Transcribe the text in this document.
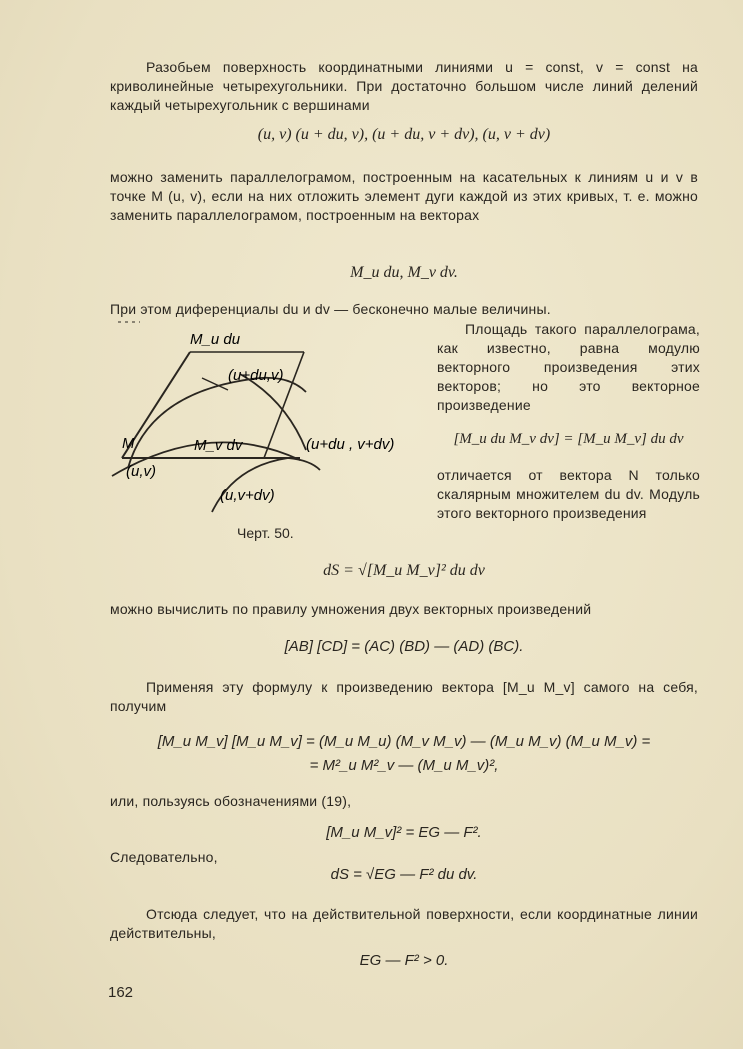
Разобьем поверхность координатными линиями u = const, v = const на криволинейные четырехугольники. При достаточно большом числе линий делений каждый четырехугольник с вершинами
(u, v) (u + du, v), (u + du, v + dv), (u, v + dv)
можно заменить параллелограмом, построенным на касательных к линиям u и v в точке M (u, v), если на них отложить элемент дуги каждой из этих кривых, т. е. можно заменить параллелограмом, построенным на векторах
M_u du, M_v dv.
При этом диференциалы du и dv — бесконечно малые величины.
Площадь такого параллелограма, как известно, равна модулю векторного произведения этих векторов; но это векторное произведение
[M_u du M_v dv] = [M_u M_v] du dv
отличается от вектора N только скалярным множителем du dv. Модуль этого векторного произведения
M_u du
(u+du,v)
M	M_v dv	(u+du , v+dv)
(u,v)
(u,v+dv)
Черт. 50.
dS = √[M_u M_v]² du dv
можно вычислить по правилу умножения двух векторных произведений
[AB] [CD] = (AC) (BD) — (AD) (BC).
Применяя эту формулу к произведению вектора [M_u M_v] самого на себя, получим
[M_u M_v] [M_u M_v] = (M_u M_u) (M_v M_v) — (M_u M_v) (M_u M_v) =
= M²_u M²_v — (M_u M_v)²,
или, пользуясь обозначениями (19),
[M_u M_v]² = EG — F².
Следовательно,
dS = √EG — F² du dv.
Отсюда следует, что на действительной поверхности, если координатные линии действительны,
EG — F² > 0.
162
